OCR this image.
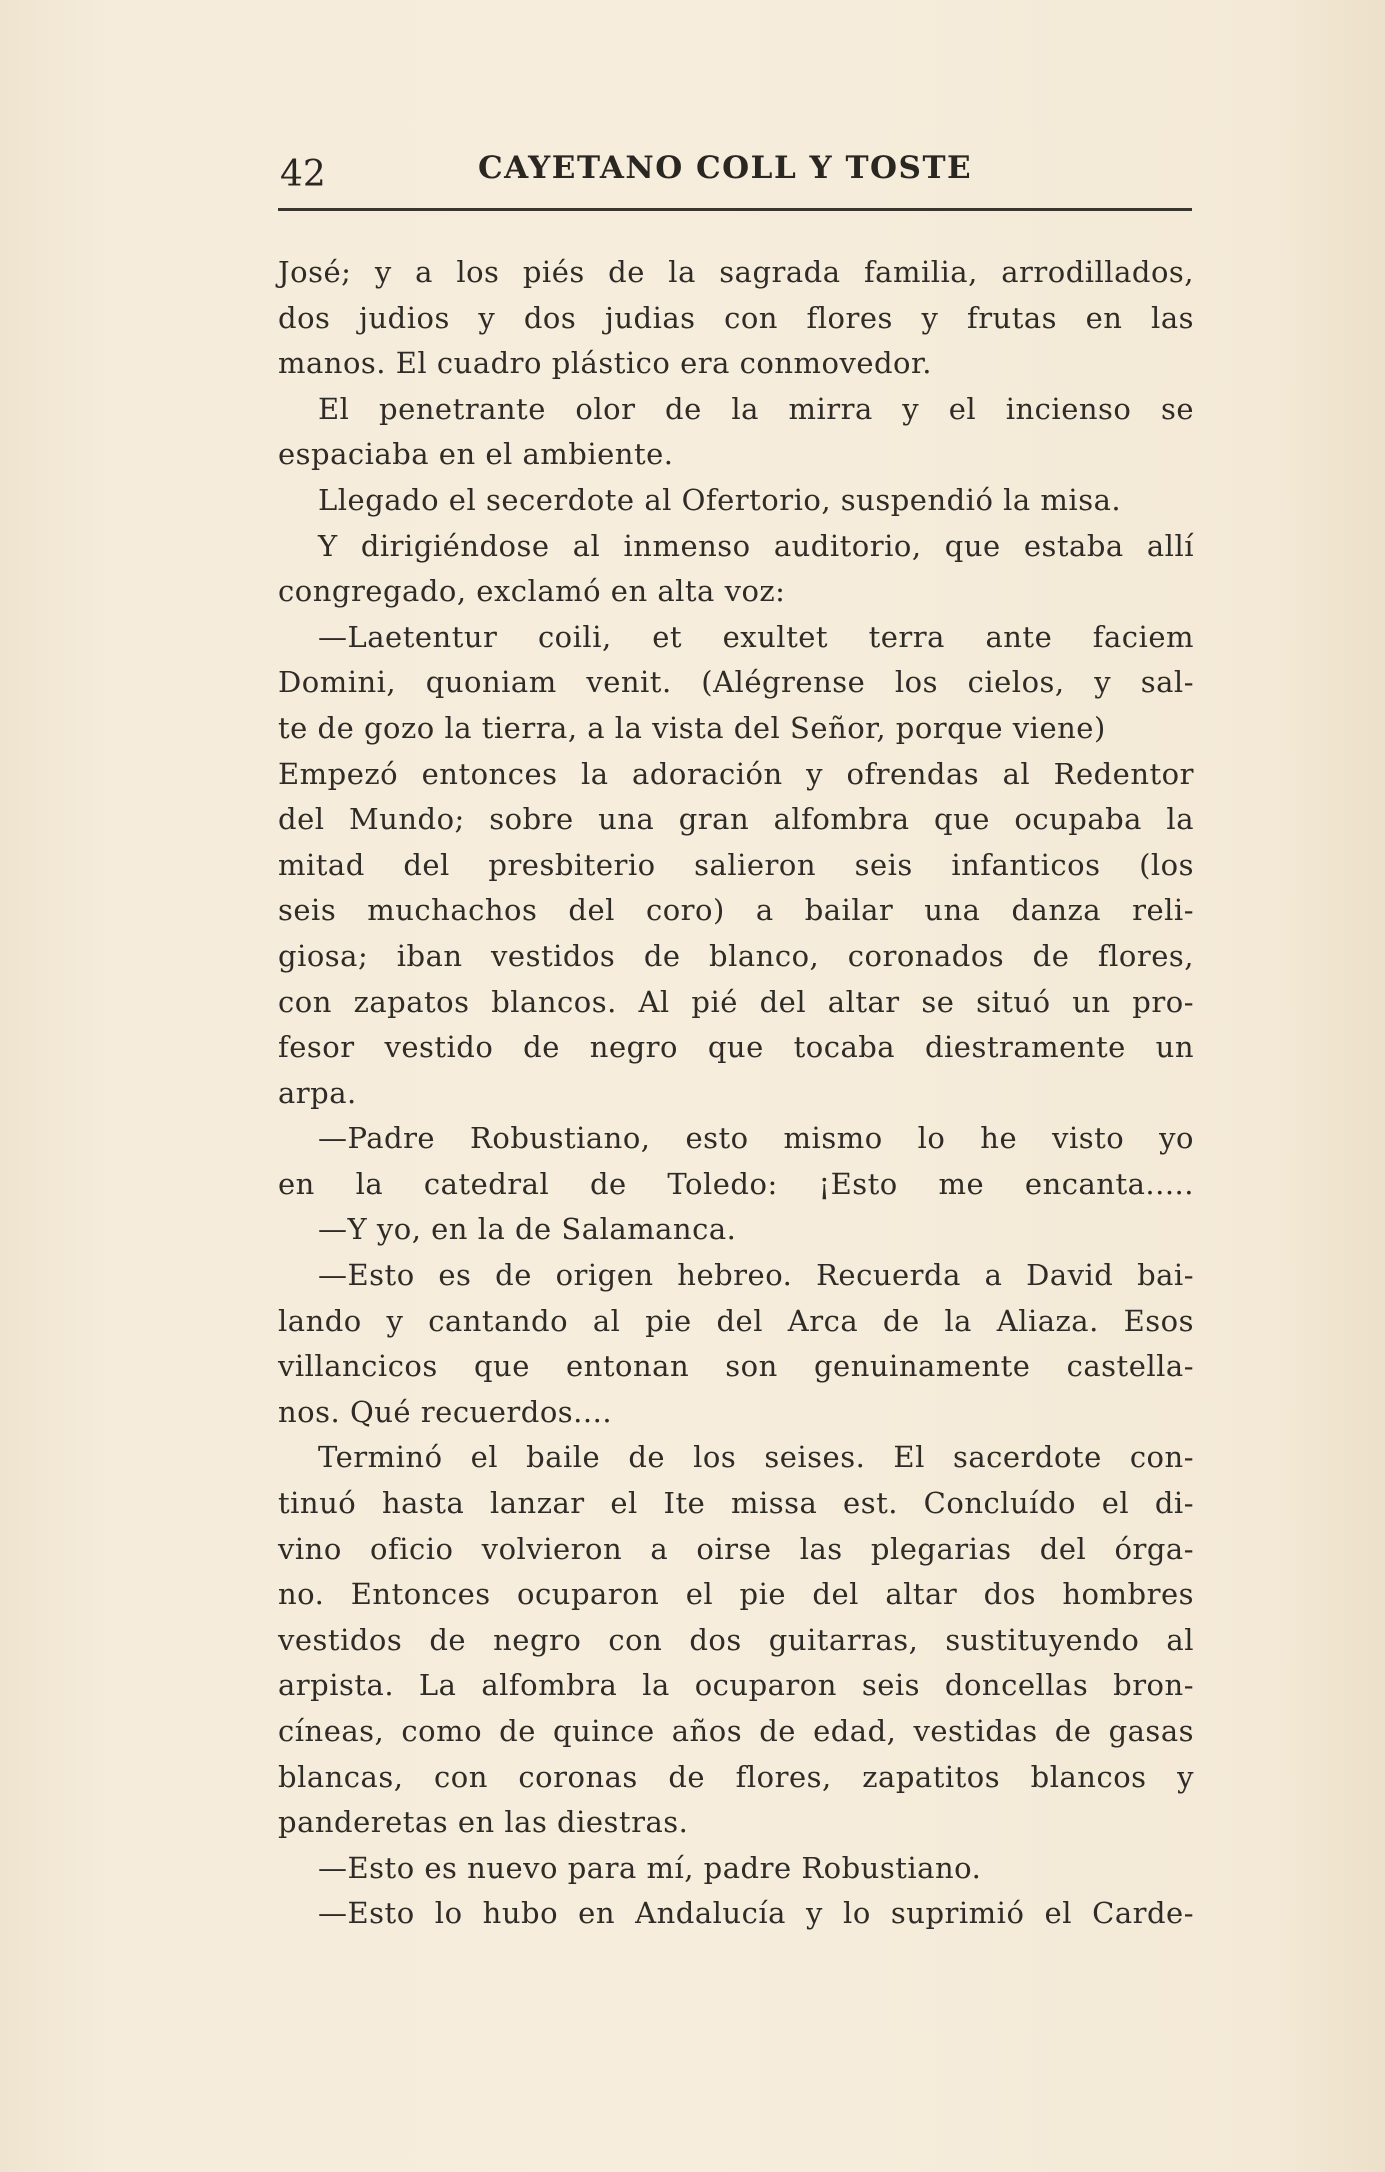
42	CAYETANO COLL Y TOSTE
José; y a los piés de la sagrada familia, arrodillados,
dos judios y dos judias con flores y frutas en las
manos. El cuadro plástico era conmovedor.
El penetrante olor de la mirra y el incienso se
espaciaba en el ambiente.
Llegado el secerdote al Ofertorio, suspendió la misa.
Y dirigiéndose al inmenso auditorio, que estaba allí
congregado, exclamó en alta voz:
—Laetentur coili, et exultet terra ante faciem
Domini, quoniam venit. (Alégrense los cielos, y sal-
te de gozo la tierra, a la vista del Señor, porque viene)
Empezó entonces la adoración y ofrendas al Redentor
del Mundo; sobre una gran alfombra que ocupaba la
mitad del presbiterio salieron seis infanticos (los
seis muchachos del coro) a bailar una danza reli-
giosa; iban vestidos de blanco, coronados de flores,
con zapatos blancos. Al pié del altar se situó un pro-
fesor vestido de negro que tocaba diestramente un
arpa.
—Padre Robustiano, esto mismo lo he visto yo
en la catedral de Toledo: ¡Esto me encanta.....
—Y yo, en la de Salamanca.
—Esto es de origen hebreo. Recuerda a David bai-
lando y cantando al pie del Arca de la Aliaza. Esos
villancicos que entonan son genuinamente castella-
nos. Qué recuerdos....
Terminó el baile de los seises. El sacerdote con-
tinuó hasta lanzar el Ite missa est. Concluído el di-
vino oficio volvieron a oirse las plegarias del órga-
no. Entonces ocuparon el pie del altar dos hombres
vestidos de negro con dos guitarras, sustituyendo al
arpista. La alfombra la ocuparon seis doncellas bron-
cíneas, como de quince años de edad, vestidas de gasas
blancas, con coronas de flores, zapatitos blancos y
panderetas en las diestras.
—Esto es nuevo para mí, padre Robustiano.
—Esto lo hubo en Andalucía y lo suprimió el Carde-
